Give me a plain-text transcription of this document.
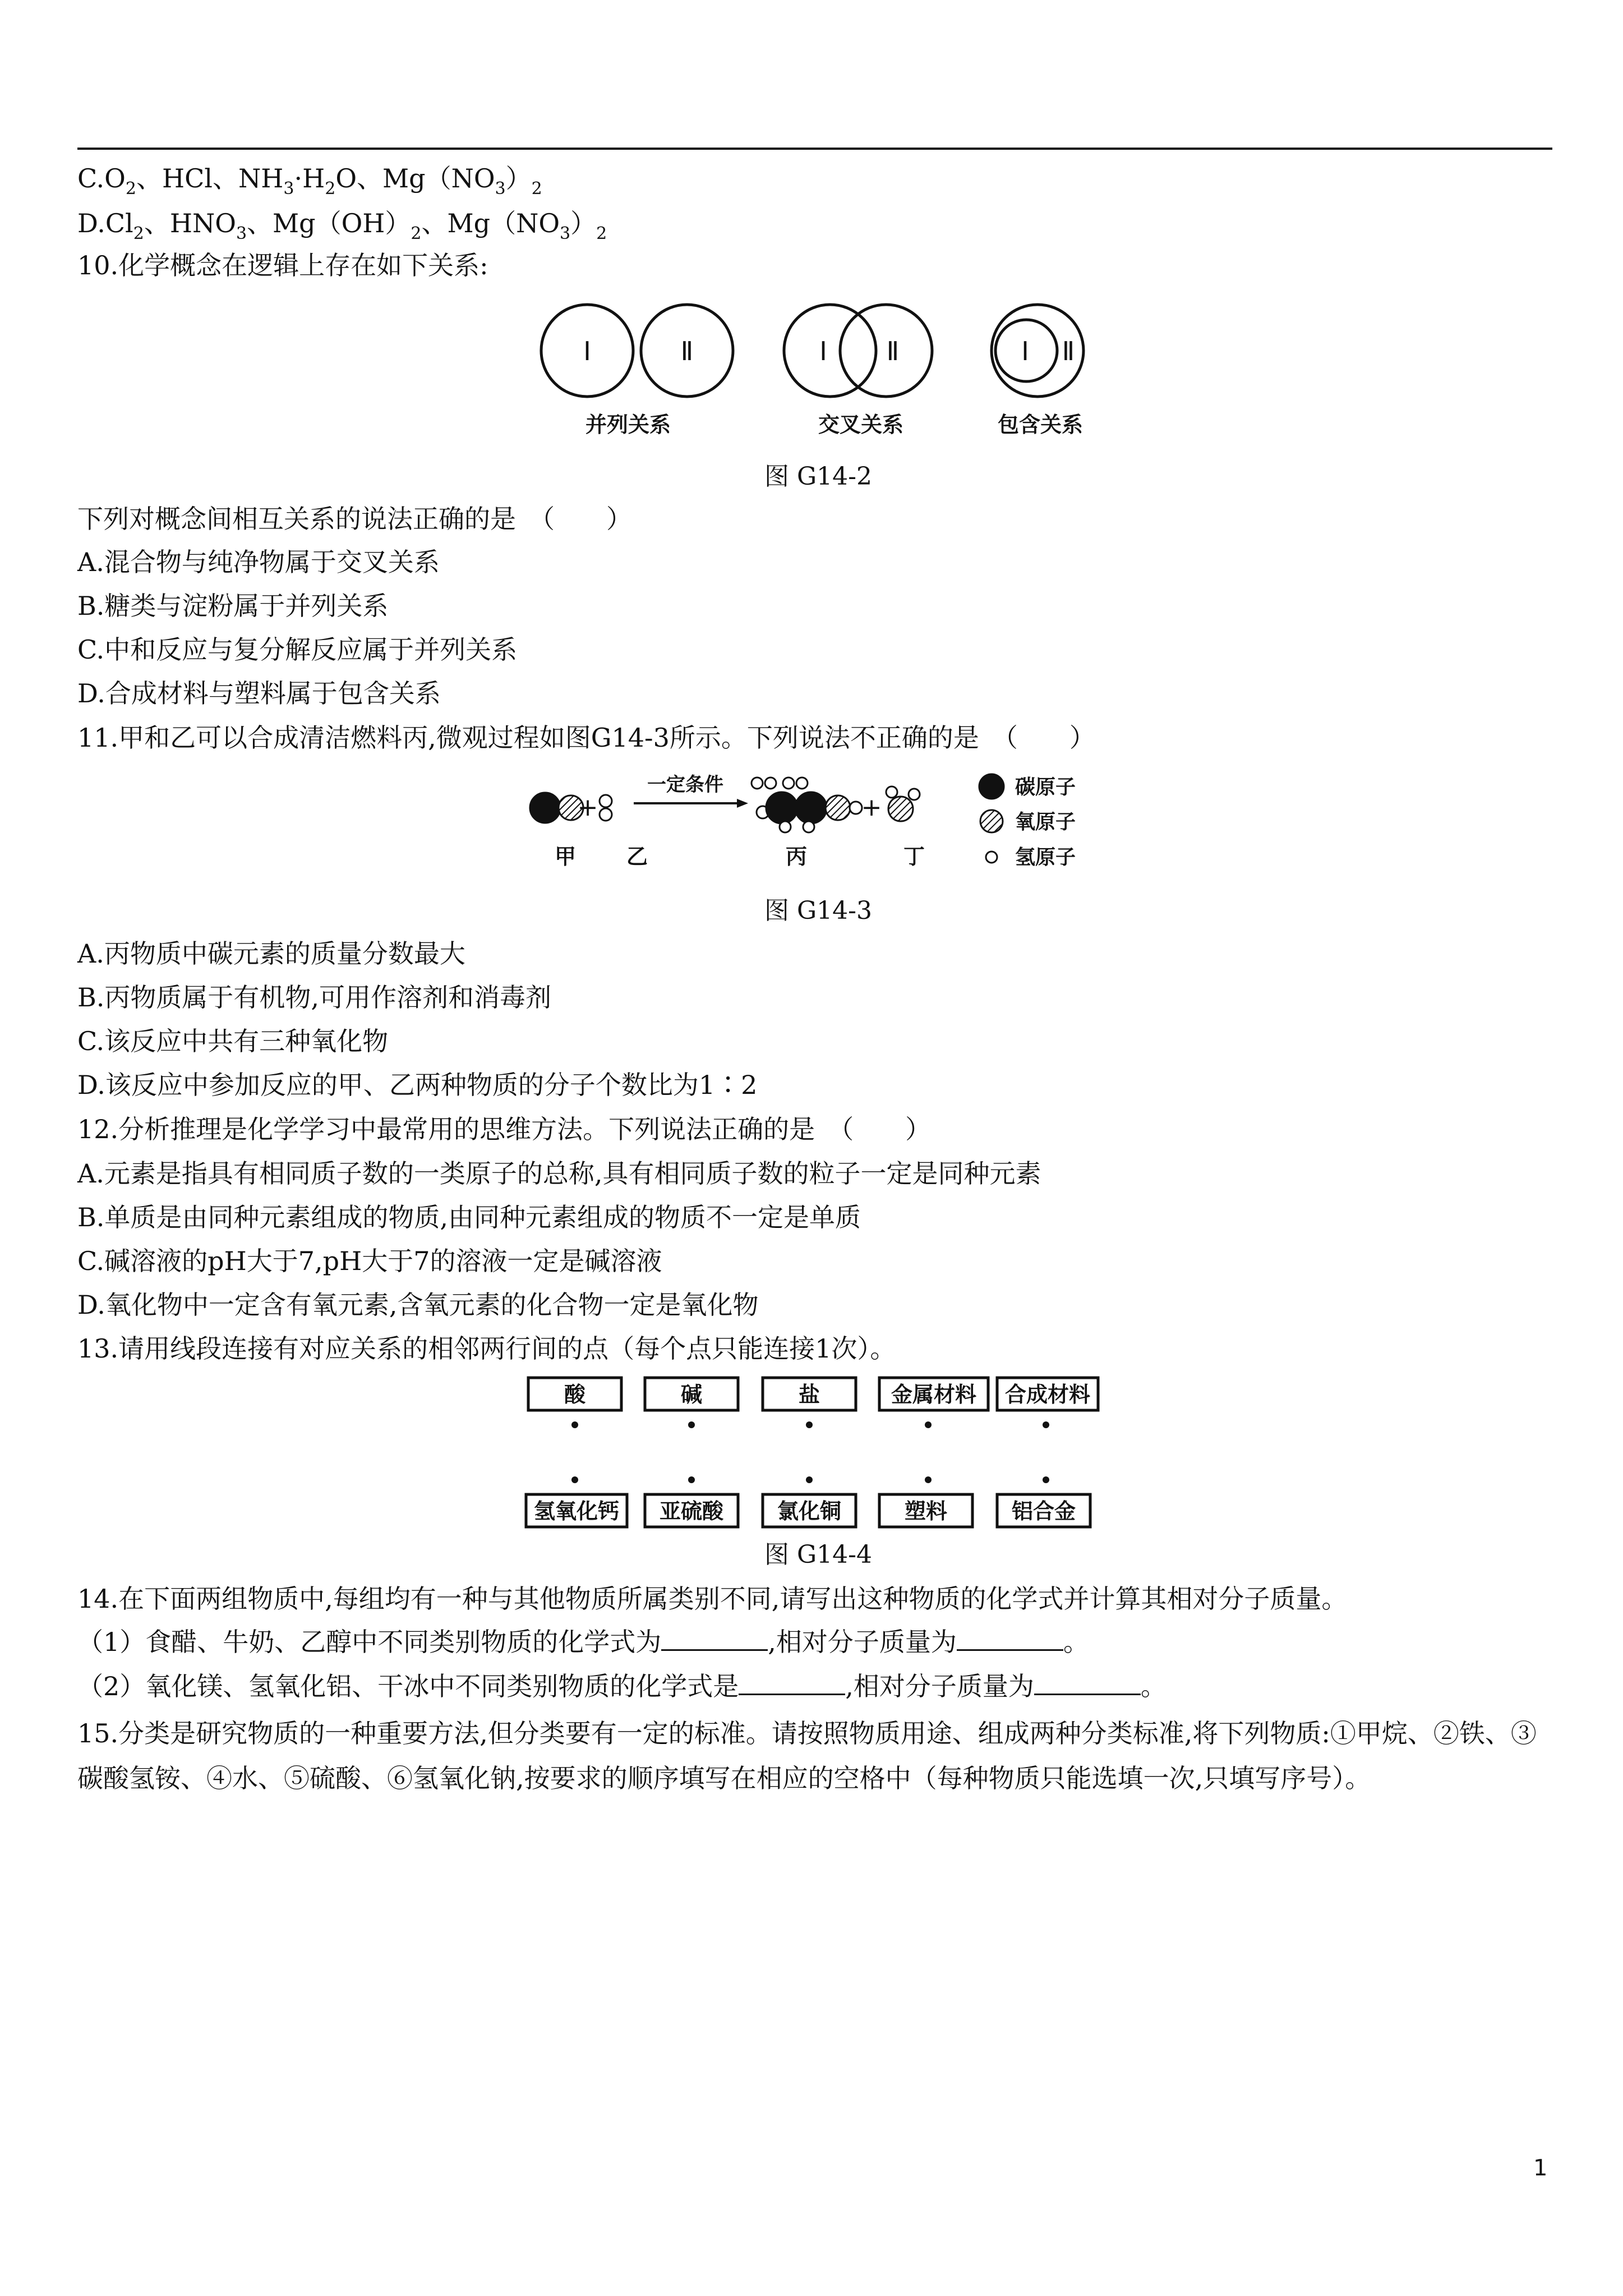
$C.O_2$、HCl、$NH_3\cdot H_2O$、$Mg(NO_3)_2$
$D.Cl_2$、$HNO_3$、$Mg(OH)_2$、$Mg(NO_3)_2$
10.化学概念在逻辑上存在如下关系:
Ⅰ	Ⅱ	Ⅰ Ⅱ	Ⅰ Ⅱ
并列关系	交叉关系	包含关系
图 G14-2
下列对概念间相互关系的说法正确的是　（　　）
A.混合物与纯净物属于交叉关系
B.糖类与淀粉属于并列关系
C.中和反应与复分解反应属于并列关系
D.合成材料与塑料属于包含关系
11.甲和乙可以合成清洁燃料丙,微观过程如图G14-3所示。下列说法不正确的是　（　　）
+
一定条件
+
碳原子
氧原子
氢原子
甲 乙	丙	丁
图 G14-3
A.丙物质中碳元素的质量分数最大
B.丙物质属于有机物,可用作溶剂和消毒剂
C.该反应中共有三种氧化物
D.该反应中参加反应的甲、乙两种物质的分子个数比为1∶2
12.分析推理是化学学习中最常用的思维方法。下列说法正确的是　（　　）
A.元素是指具有相同质子数的一类原子的总称,具有相同质子数的粒子一定是同种元素
B.单质是由同种元素组成的物质,由同种元素组成的物质不一定是单质
C.碱溶液的pH大于7,pH大于7的溶液一定是碱溶液
D.氧化物中一定含有氧元素,含氧元素的化合物一定是氧化物
13.请用线段连接有对应关系的相邻两行间的点（每个点只能连接1次）。
酸	碱	盐	金属材料 合成材料
氢氧化钙 亚硫酸	氯化铜	塑料	铝合金
图 G14-4
14.在下面两组物质中,每组均有一种与其他物质所属类别不同,请写出这种物质的化学式并计算其相对分子质量。
（1）食醋、牛奶、乙醇中不同类别物质的化学式为	,相对分子质量为	。
（2）氧化镁、氢氧化铝、干冰中不同类别物质的化学式是	,相对分子质量为	。
15.分类是研究物质的一种重要方法,但分类要有一定的标准。请按照物质用途、组成两种分类标准,将下列物质:①甲烷、②铁、③碳酸氢铵、④水、⑤硫酸、⑥氢氧化钠,按要求的顺序填写在相应的空格中（每种物质只能选填一次,只填写序号）。
1
